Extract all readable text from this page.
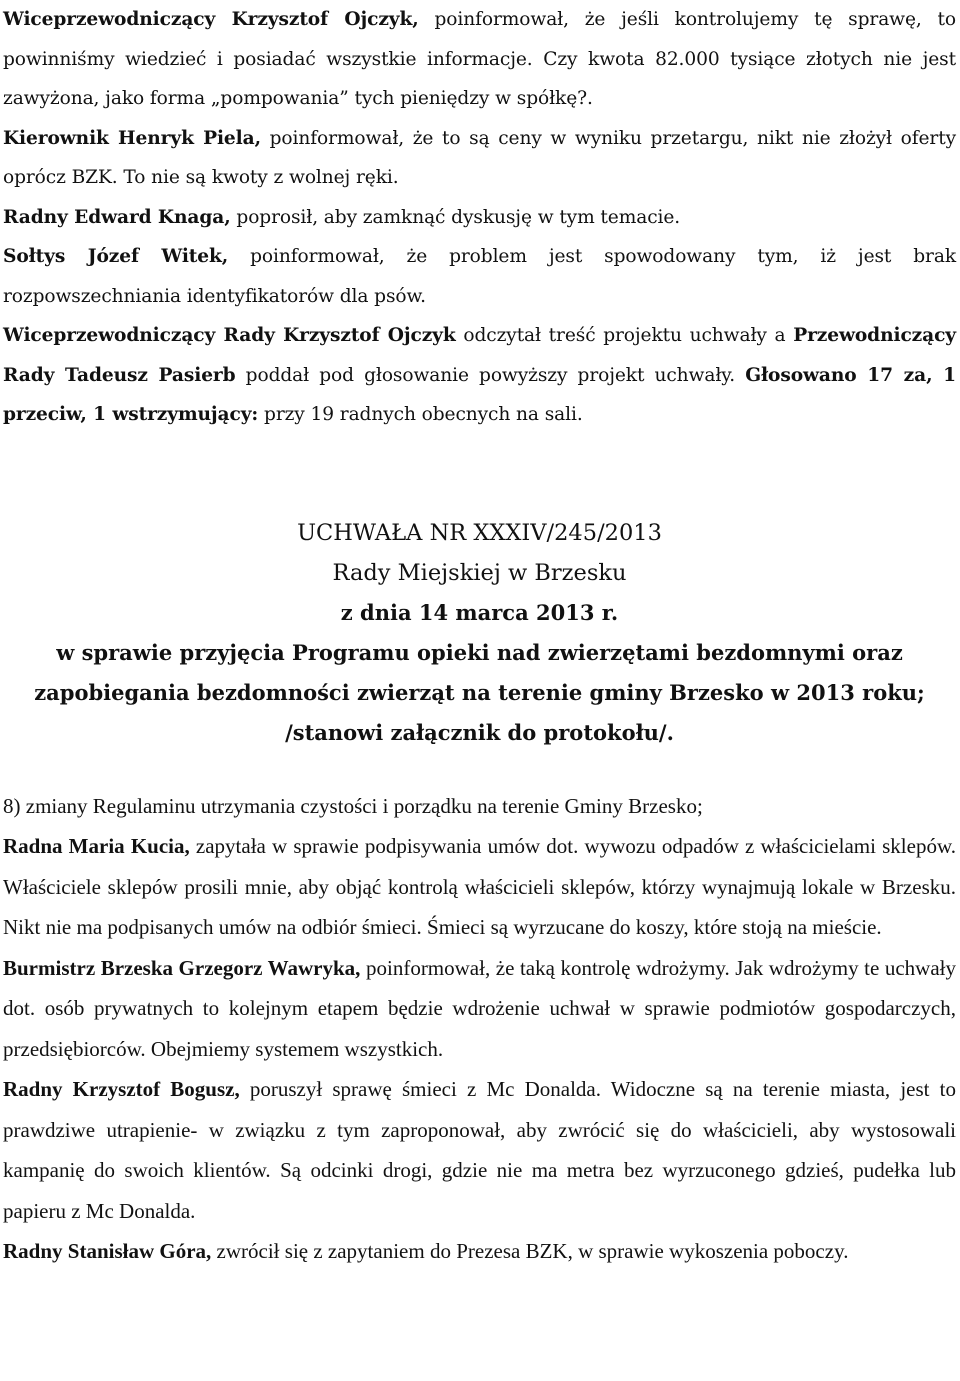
Wiceprzewodniczący Krzysztof Ojczyk, poinformował, że jeśli kontrolujemy tę sprawę, to powinniśmy wiedzieć i posiadać wszystkie informacje. Czy kwota 82.000 tysiące złotych nie jest zawyżona, jako forma „pompowania” tych pieniędzy w spółkę?.

Kierownik Henryk Piela, poinformował, że to są ceny w wyniku przetargu, nikt nie złożył oferty oprócz BZK. To nie są kwoty z wolnej ręki.

Radny Edward Knaga, poprosił, aby zamknąć dyskusję w tym temacie.

Sołtys Józef Witek, poinformował, że problem jest spowodowany tym, iż jest brak rozpowszechniania identyfikatorów dla psów.

Wiceprzewodniczący Rady Krzysztof Ojczyk odczytał treść projektu uchwały a Przewodniczący Rady Tadeusz Pasierb poddał pod głosowanie powyższy projekt uchwały. Głosowano 17 za, 1 przeciw, 1 wstrzymujący: przy 19 radnych obecnych na sali.

UCHWAŁA NR XXXIV/245/2013
Rady Miejskiej w Brzesku
z dnia 14 marca 2013 r.
w sprawie przyjęcia Programu opieki nad zwierzętami bezdomnymi oraz
zapobiegania bezdomności zwierząt na terenie gminy Brzesko w 2013 roku;
/stanowi załącznik do protokołu/.

8) zmiany Regulaminu utrzymania czystości i porządku na terenie Gminy Brzesko;

Radna Maria Kucia, zapytała w sprawie podpisywania umów dot. wywozu odpadów z właścicielami sklepów. Właściciele sklepów prosili mnie, aby objąć kontrolą właścicieli sklepów, którzy wynajmują lokale w Brzesku. Nikt nie ma podpisanych umów na odbiór śmieci. Śmieci są wyrzucane do koszy, które stoją na mieście.

Burmistrz Brzeska Grzegorz Wawryka, poinformował, że taką kontrolę wdrożymy. Jak wdrożymy te uchwały dot. osób prywatnych to kolejnym etapem będzie wdrożenie uchwał w sprawie podmiotów gospodarczych, przedsiębiorców. Obejmiemy systemem wszystkich.

Radny Krzysztof Bogusz, poruszył sprawę śmieci z Mc Donalda. Widoczne są na terenie miasta, jest to prawdziwe utrapienie- w związku z tym zaproponował, aby zwrócić się do właścicieli, aby wystosowali kampanię do swoich klientów. Są odcinki drogi, gdzie nie ma metra bez wyrzuconego gdzieś, pudełka lub papieru z Mc Donalda.

Radny Stanisław Góra, zwrócił się z zapytaniem do Prezesa BZK, w sprawie wykoszenia poboczy.
